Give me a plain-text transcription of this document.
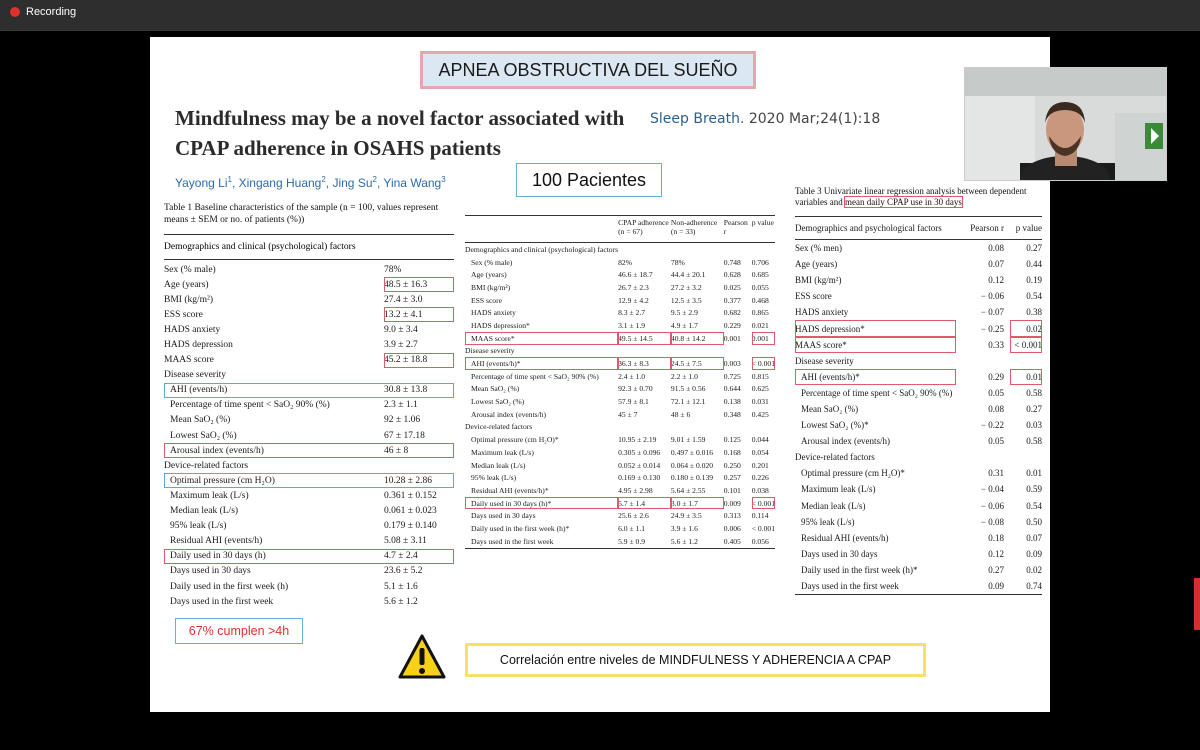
Recording
APNEA OBSTRUCTIVA DEL SUEÑO
Mindfulness may be a novel factor associated with CPAP adherence in OSAHS patients
Sleep Breath. 2020 Mar;24(1):18
Yayong Li$^1$, Xingang Huang$^2$, Jing Su$^2$, Yina Wang$^3$	100 Pacientes
Table 1 Baseline characteristics of the sample (n = 100, values represent means ± SEM or no. of patients (%))
Demographics and clinical (psychological) factors
Sex (% male)	78%
Age (years)	48.5 ± 16.3
BMI (kg/m²)	27.4 ± 3.0
ESS score	13.2 ± 4.1
HADS anxiety	9.0 ± 3.4
HADS depression	3.9 ± 2.7
MAAS score	45.2 ± 18.8
Disease severity	
AHI (events/h)	30.8 ± 13.8
Percentage of time spent < SaO₂ 90% (%)	2.3 ± 1.1
Mean SaO₂ (%)	92 ± 1.06
Lowest SaO₂ (%)	67 ± 17.18
Arousal index (events/h)	46 ± 8
Device-related factors	
Optimal pressure (cm H₂O)	10.28 ± 2.86
Maximum leak (L/s)	0.361 ± 0.152
Median leak (L/s)	0.061 ± 0.023
95% leak (L/s)	0.179 ± 0.140
Residual AHI (events/h)	5.08 ± 3.11
Daily used in 30 days (h)	4.7 ± 2.4
Days used in 30 days	23.6 ± 5.2
Daily used in the first week (h)	5.1 ± 1.6
Days used in the first week	5.6 ± 1.2
	CPAP adherence (n = 67)	Non-adherence (n = 33)	Pearson r	p value
Demographics and clinical (psychological) factors				
Sex (% male)	82%	78%	0.748	0.706
Age (years)	46.6 ± 18.7	44.4 ± 20.1	0.628	0.685
BMI (kg/m²)	26.7 ± 2.3	27.2 ± 3.2	0.025	0.055
ESS score	12.9 ± 4.2	12.5 ± 3.5	0.377	0.468
HADS anxiety	8.3 ± 2.7	9.5 ± 2.9	0.682	0.865
HADS depression*	3.1 ± 1.9	4.9 ± 1.7	0.229	0.021
MAAS score*	49.5 ± 14.5	40.8 ± 14.2	0.001	0.001
Disease severity				
AHI (events/h)*	36.3 ± 8.3	24.5 ± 7.5	0.003	< 0.001
Percentage of time spent < SaO₂ 90% (%)	2.4 ± 1.0	2.2 ± 1.0	0.725	0.815
Mean SaO₂ (%)	92.3 ± 0.70	91.5 ± 0.56	0.644	0.625
Lowest SaO₂ (%)	57.9 ± 8.1	72.1 ± 12.1	0.138	0.031
Arousal index (events/h)	45 ± 7	48 ± 6	0.348	0.425
Device-related factors				
Optimal pressure (cm H₂O)*	10.95 ± 2.19	9.01 ± 1.59	0.125	0.044
Maximum leak (L/s)	0.305 ± 0.096	0.497 ± 0.016	0.168	0.054
Median leak (L/s)	0.052 ± 0.014	0.064 ± 0.020	0.250	0.201
95% leak (L/s)	0.169 ± 0.130	0.180 ± 0.139	0.257	0.226
Residual AHI (events/h)*	4.95 ± 2.98	5.64 ± 2.55	0.101	0.038
Daily used in 30 days (h)*	5.7 ± 1.4	3.0 ± 1.7	0.009	< 0.001
Days used in 30 days	25.6 ± 2.6	24.9 ± 3.5	0.313	0.114
Daily used in the first week (h)*	6.0 ± 1.1	3.9 ± 1.6	0.006	< 0.001
Days used in the first week	5.9 ± 0.9	5.6 ± 1.2	0.405	0.056
Table 3 Univariate linear regression analysis between dependent variables and mean daily CPAP use in 30 days
Demographics and psychological factors	Pearson r	p value
Sex (% men)	0.08	0.27
Age (years)	0.07	0.44
BMI (kg/m²)	0.12	0.19
ESS score	− 0.06	0.54
HADS anxiety	− 0.07	0.38
HADS depression*	− 0.25	0.02
MAAS score*	0.33	< 0.001
Disease severity		
AHI (events/h)*	0.29	0.01
Percentage of time spent < SaO₂ 90% (%)	0.05	0.58
Mean SaO₂ (%)	0.08	0.27
Lowest SaO₂ (%)*	− 0.22	0.03
Arousal index (events/h)	0.05	0.58
Device-related factors		
Optimal pressure (cm H₂O)*	0.31	0.01
Maximum leak (L/s)	− 0.04	0.59
Median leak (L/s)	− 0.06	0.54
95% leak (L/s)	− 0.08	0.50
Residual AHI (events/h)	0.18	0.07
Days used in 30 days	0.12	0.09
Daily used in the first week (h)*	0.27	0.02
Days used in the first week	0.09	0.74
67% cumplen >4h
Correlación entre niveles de MINDFULNESS Y ADHERENCIA A CPAP
